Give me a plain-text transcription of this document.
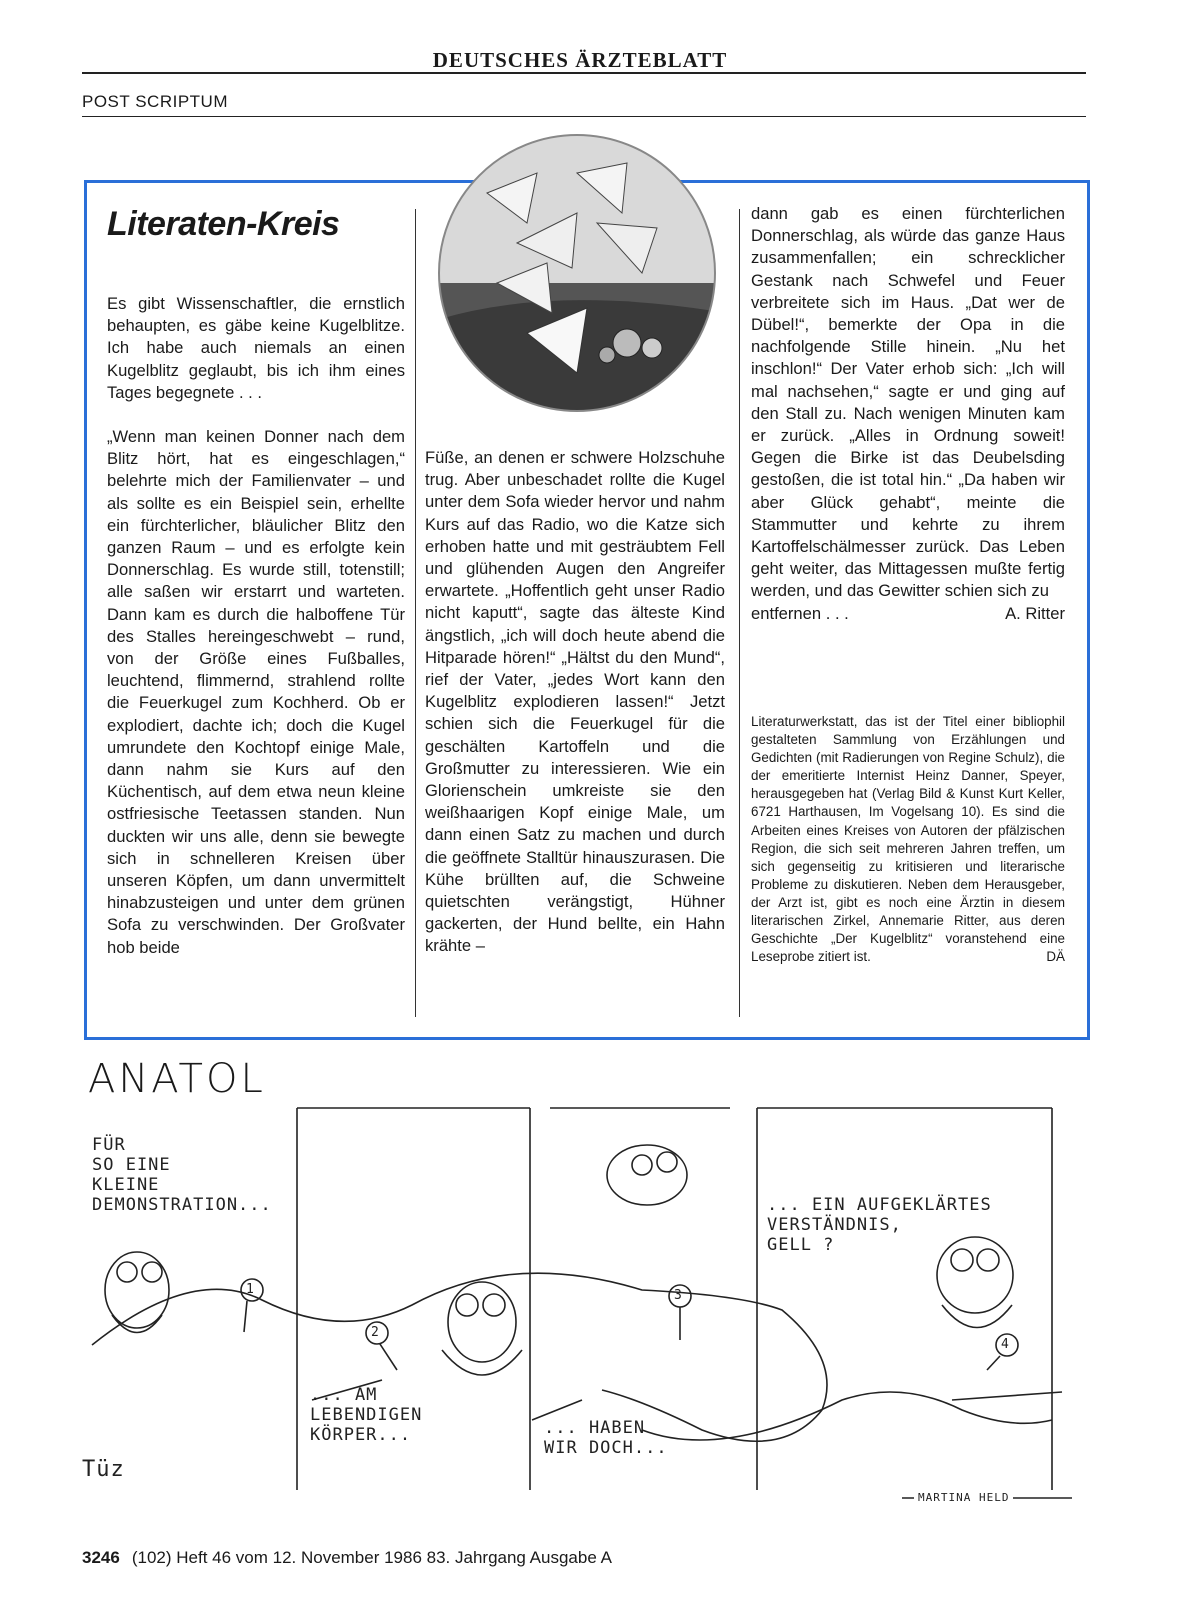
DEUTSCHES ÄRZTEBLATT
POST SCRIPTUM
Literaten-Kreis

Es gibt Wissenschaftler, die ernstlich behaupten, es gäbe keine Kugelblitze. Ich habe auch niemals an einen Kugelblitz geglaubt, bis ich ihm eines Tages begegnete . . .

„Wenn man keinen Donner nach dem Blitz hört, hat es eingeschlagen,“ belehrte mich der Familienvater – und als sollte es ein Beispiel sein, erhellte ein fürchterlicher, bläulicher Blitz den ganzen Raum – und es erfolgte kein Donnerschlag. Es wurde still, totenstill; alle saßen wir erstarrt und warteten. Dann kam es durch die halboffene Tür des Stalles hereingeschwebt – rund, von der Größe eines Fußballes, leuchtend, flimmernd, strahlend rollte die Feuerkugel zum Kochherd. Ob er explodiert, dachte ich; doch die Kugel umrundete den Kochtopf einige Male, dann nahm sie Kurs auf den Küchentisch, auf dem etwa neun kleine ostfriesische Teetassen standen. Nun duckten wir uns alle, denn sie bewegte sich in schnelleren Kreisen über unseren Köpfen, um dann unvermittelt hinabzusteigen und unter dem grünen Sofa zu verschwinden. Der Großvater hob beide

Füße, an denen er schwere Holzschuhe trug. Aber unbeschadet rollte die Kugel unter dem Sofa wieder hervor und nahm Kurs auf das Radio, wo die Katze sich erhoben hatte und mit gesträubtem Fell und glühenden Augen den Angreifer erwartete. „Hoffentlich geht unser Radio nicht kaputt“, sagte das älteste Kind ängstlich, „ich will doch heute abend die Hitparade hören!“ „Hältst du den Mund“, rief der Vater, „jedes Wort kann den Kugelblitz explodieren lassen!“ Jetzt schien sich die Feuerkugel für die geschälten Kartoffeln und die Großmutter zu interessieren. Wie ein Glorienschein umkreiste sie den weißhaarigen Kopf einige Male, um dann einen Satz zu machen und durch die geöffnete Stalltür hinauszurasen. Die Kühe brüllten auf, die Schweine quietschten verängstigt, Hühner gackerten, der Hund bellte, ein Hahn krähte –

dann gab es einen fürchterlichen Donnerschlag, als würde das ganze Haus zusammenfallen; ein schrecklicher Gestank nach Schwefel und Feuer verbreitete sich im Haus. „Dat wer de Dübel!“, bemerkte der Opa in die nachfolgende Stille hinein. „Nu het inschlon!“ Der Vater erhob sich: „Ich will mal nachsehen,“ sagte er und ging auf den Stall zu. Nach wenigen Minuten kam er zurück. „Alles in Ordnung soweit! Gegen die Birke ist das Deubelsding gestoßen, die ist total hin.“ „Da haben wir aber Glück gehabt“, meinte die Stammutter und kehrte zu ihrem Kartoffelschälmesser zurück. Das Leben geht weiter, das Mittagessen mußte fertig werden, und das Gewitter schien sich zu

entfernen . . .	A. Ritter

Literaturwerkstatt, das ist der Titel einer bibliophil gestalteten Sammlung von Erzählungen und Gedichten (mit Radierungen von Regine Schulz), die der emeritierte Internist Heinz Danner, Speyer, herausgegeben hat (Verlag Bild & Kunst Kurt Keller, 6721 Harthausen, Im Vogelsang 10). Es sind die Arbeiten eines Kreises von Autoren der pfälzischen Region, die sich seit mehreren Jahren treffen, um sich gegenseitig zu kritisieren und literarische Probleme zu diskutieren. Neben dem Herausgeber, der Arzt ist, gibt es noch eine Ärztin in diesem literarischen Zirkel, Annemarie Ritter, aus deren Geschichte „Der Kugelblitz“ voranstehend eine Leseprobe zitiert ist.	DÄ

ANATOL
FÜR
SO EINE
KLEINE
DEMONSTRATION...
... AM
LEBENDIGEN
KÖRPER...	... HABEN
WIR DOCH...
... EIN AUFGEKLÄRTES
VERSTÄNDNIS,
GELL ?
1
2
3
4
Tüz
MARTINA HELD
3246 (102) Heft 46 vom 12. November 1986 83. Jahrgang Ausgabe A
